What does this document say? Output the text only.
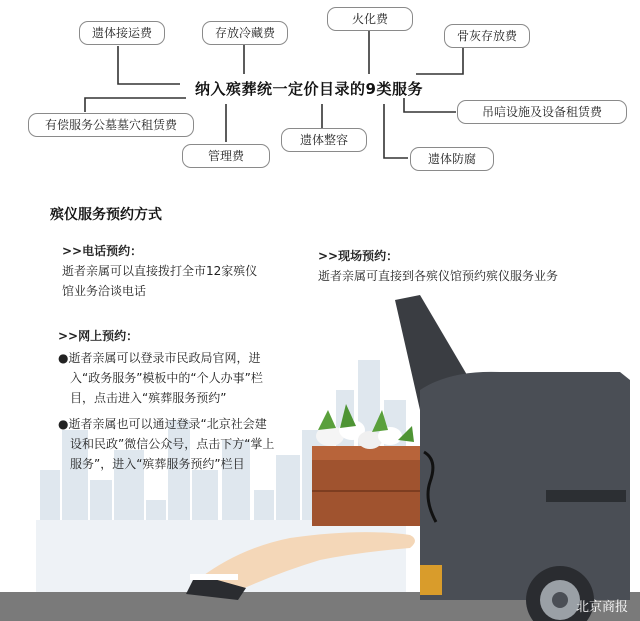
遗体接运费	存放冷藏费
火化费
骨灰存放费
有偿服务公墓墓穴租赁费
管理费
遗体整容
遗体防腐
吊唁设施及设备租赁费
纳入殡葬统一定价目录的9类服务
殡仪服务预约方式
>>电话预约：
逝者亲属可以直接拨打全市12家殡仪
馆业务洽谈电话
>>现场预约：
逝者亲属可直接到各殡仪馆预约殡仪服务业务
>>网上预约：
●逝者亲属可以登录市民政局官网，进
入“政务服务”模板中的“个人办事”栏
目，点击进入“殡葬服务预约”
●逝者亲属也可以通过登录“北京社会建
设和民政”微信公众号，点击下方“掌上
服务”，进入“殡葬服务预约”栏目
北京商报
